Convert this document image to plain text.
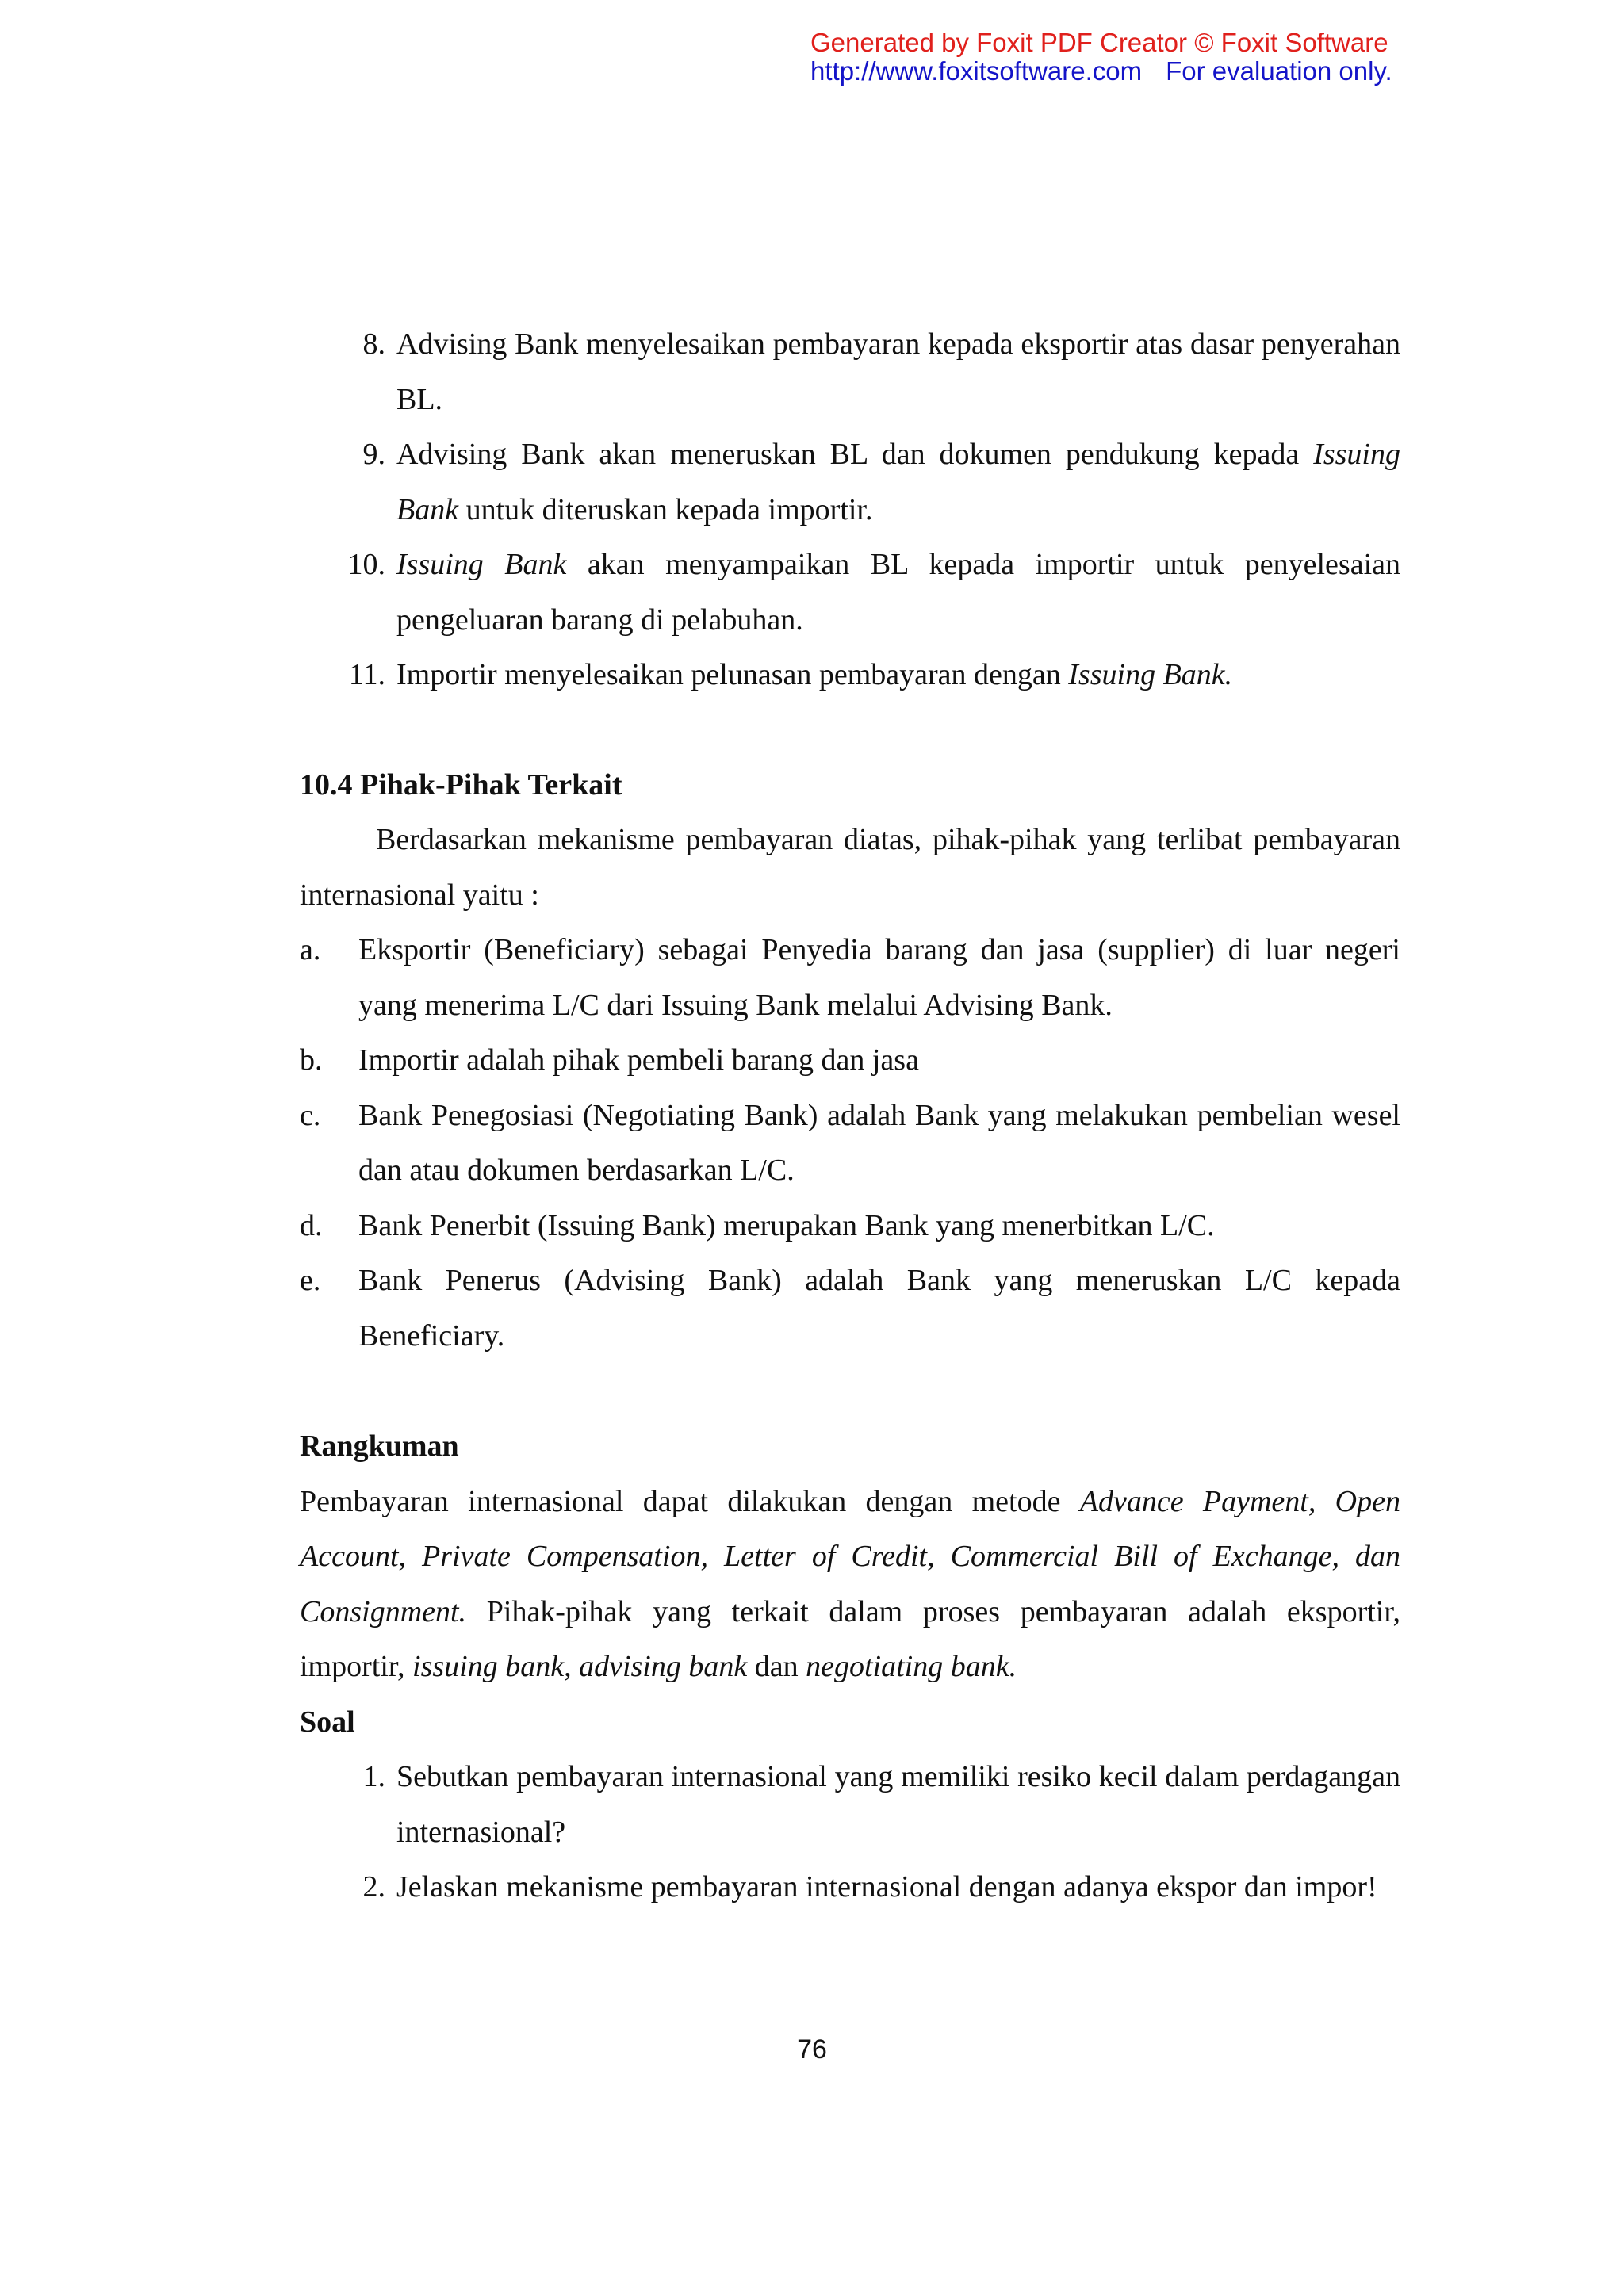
Generated by Foxit PDF Creator © Foxit Software
http://www.foxitsoftware.com For evaluation only.
8. Advising Bank menyelesaikan pembayaran kepada eksportir atas dasar penyerahan BL.
9. Advising Bank akan meneruskan BL dan dokumen pendukung kepada Issuing Bank untuk diteruskan kepada importir.
10. Issuing Bank akan menyampaikan BL kepada importir untuk penyelesaian pengeluaran barang di pelabuhan.
11. Importir menyelesaikan pelunasan pembayaran dengan Issuing Bank.
10.4 Pihak-Pihak Terkait

Berdasarkan mekanisme pembayaran diatas, pihak-pihak yang terlibat pembayaran internasional yaitu :

a. Eksportir (Beneficiary) sebagai Penyedia barang dan jasa (supplier) di luar negeri yang menerima L/C dari Issuing Bank melalui Advising Bank.
b. Importir adalah pihak pembeli barang dan jasa
c. Bank Penegosiasi (Negotiating Bank) adalah Bank yang melakukan pembelian wesel dan atau dokumen berdasarkan L/C.
d. Bank Penerbit (Issuing Bank) merupakan Bank yang menerbitkan L/C.
e. Bank Penerus (Advising Bank) adalah Bank yang meneruskan L/C kepada Beneficiary.
Rangkuman

Pembayaran internasional dapat dilakukan dengan metode Advance Payment, Open Account, Private Compensation, Letter of Credit, Commercial Bill of Exchange, dan Consignment. Pihak-pihak yang terkait dalam proses pembayaran adalah eksportir, importir, issuing bank, advising bank dan negotiating bank.

Soal
1. Sebutkan pembayaran internasional yang memiliki resiko kecil dalam perdagangan internasional?
2. Jelaskan mekanisme pembayaran internasional dengan adanya ekspor dan impor!
76
